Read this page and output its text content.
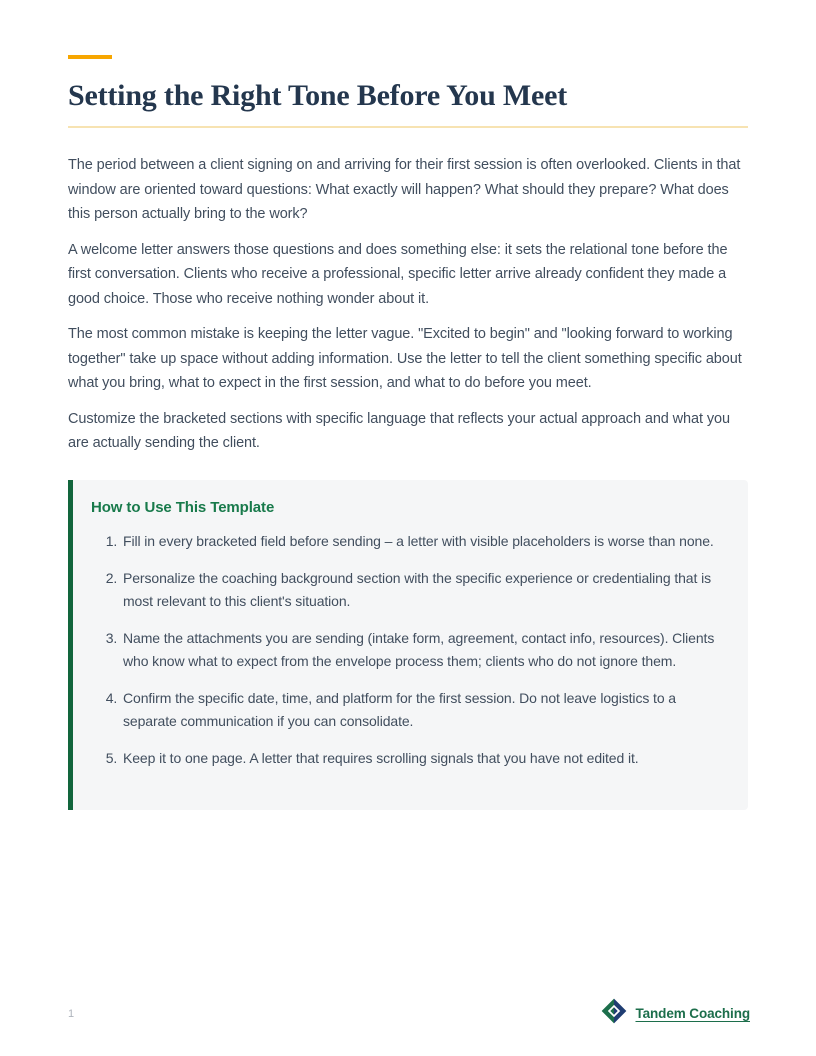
Setting the Right Tone Before You Meet

The period between a client signing on and arriving for their first session is often overlooked. Clients in that window are oriented toward questions: What exactly will happen? What should they prepare? What does this person actually bring to the work?

A welcome letter answers those questions and does something else: it sets the relational tone before the first conversation. Clients who receive a professional, specific letter arrive already confident they made a good choice. Those who receive nothing wonder about it.

The most common mistake is keeping the letter vague. "Excited to begin" and "looking forward to working together" take up space without adding information. Use the letter to tell the client something specific about what you bring, what to expect in the first session, and what to do before you meet.

Customize the bracketed sections with specific language that reflects your actual approach and what you are actually sending the client.

How to Use This Template
1. Fill in every bracketed field before sending – a letter with visible placeholders is worse than none.
2. Personalize the coaching background section with the specific experience or credentialing that is most relevant to this client's situation.
3. Name the attachments you are sending (intake form, agreement, contact info, resources). Clients who know what to expect from the envelope process them; clients who do not ignore them.
4. Confirm the specific date, time, and platform for the first session. Do not leave logistics to a separate communication if you can consolidate.
5. Keep it to one page. A letter that requires scrolling signals that you have not edited it.
1	Tandem Coaching
